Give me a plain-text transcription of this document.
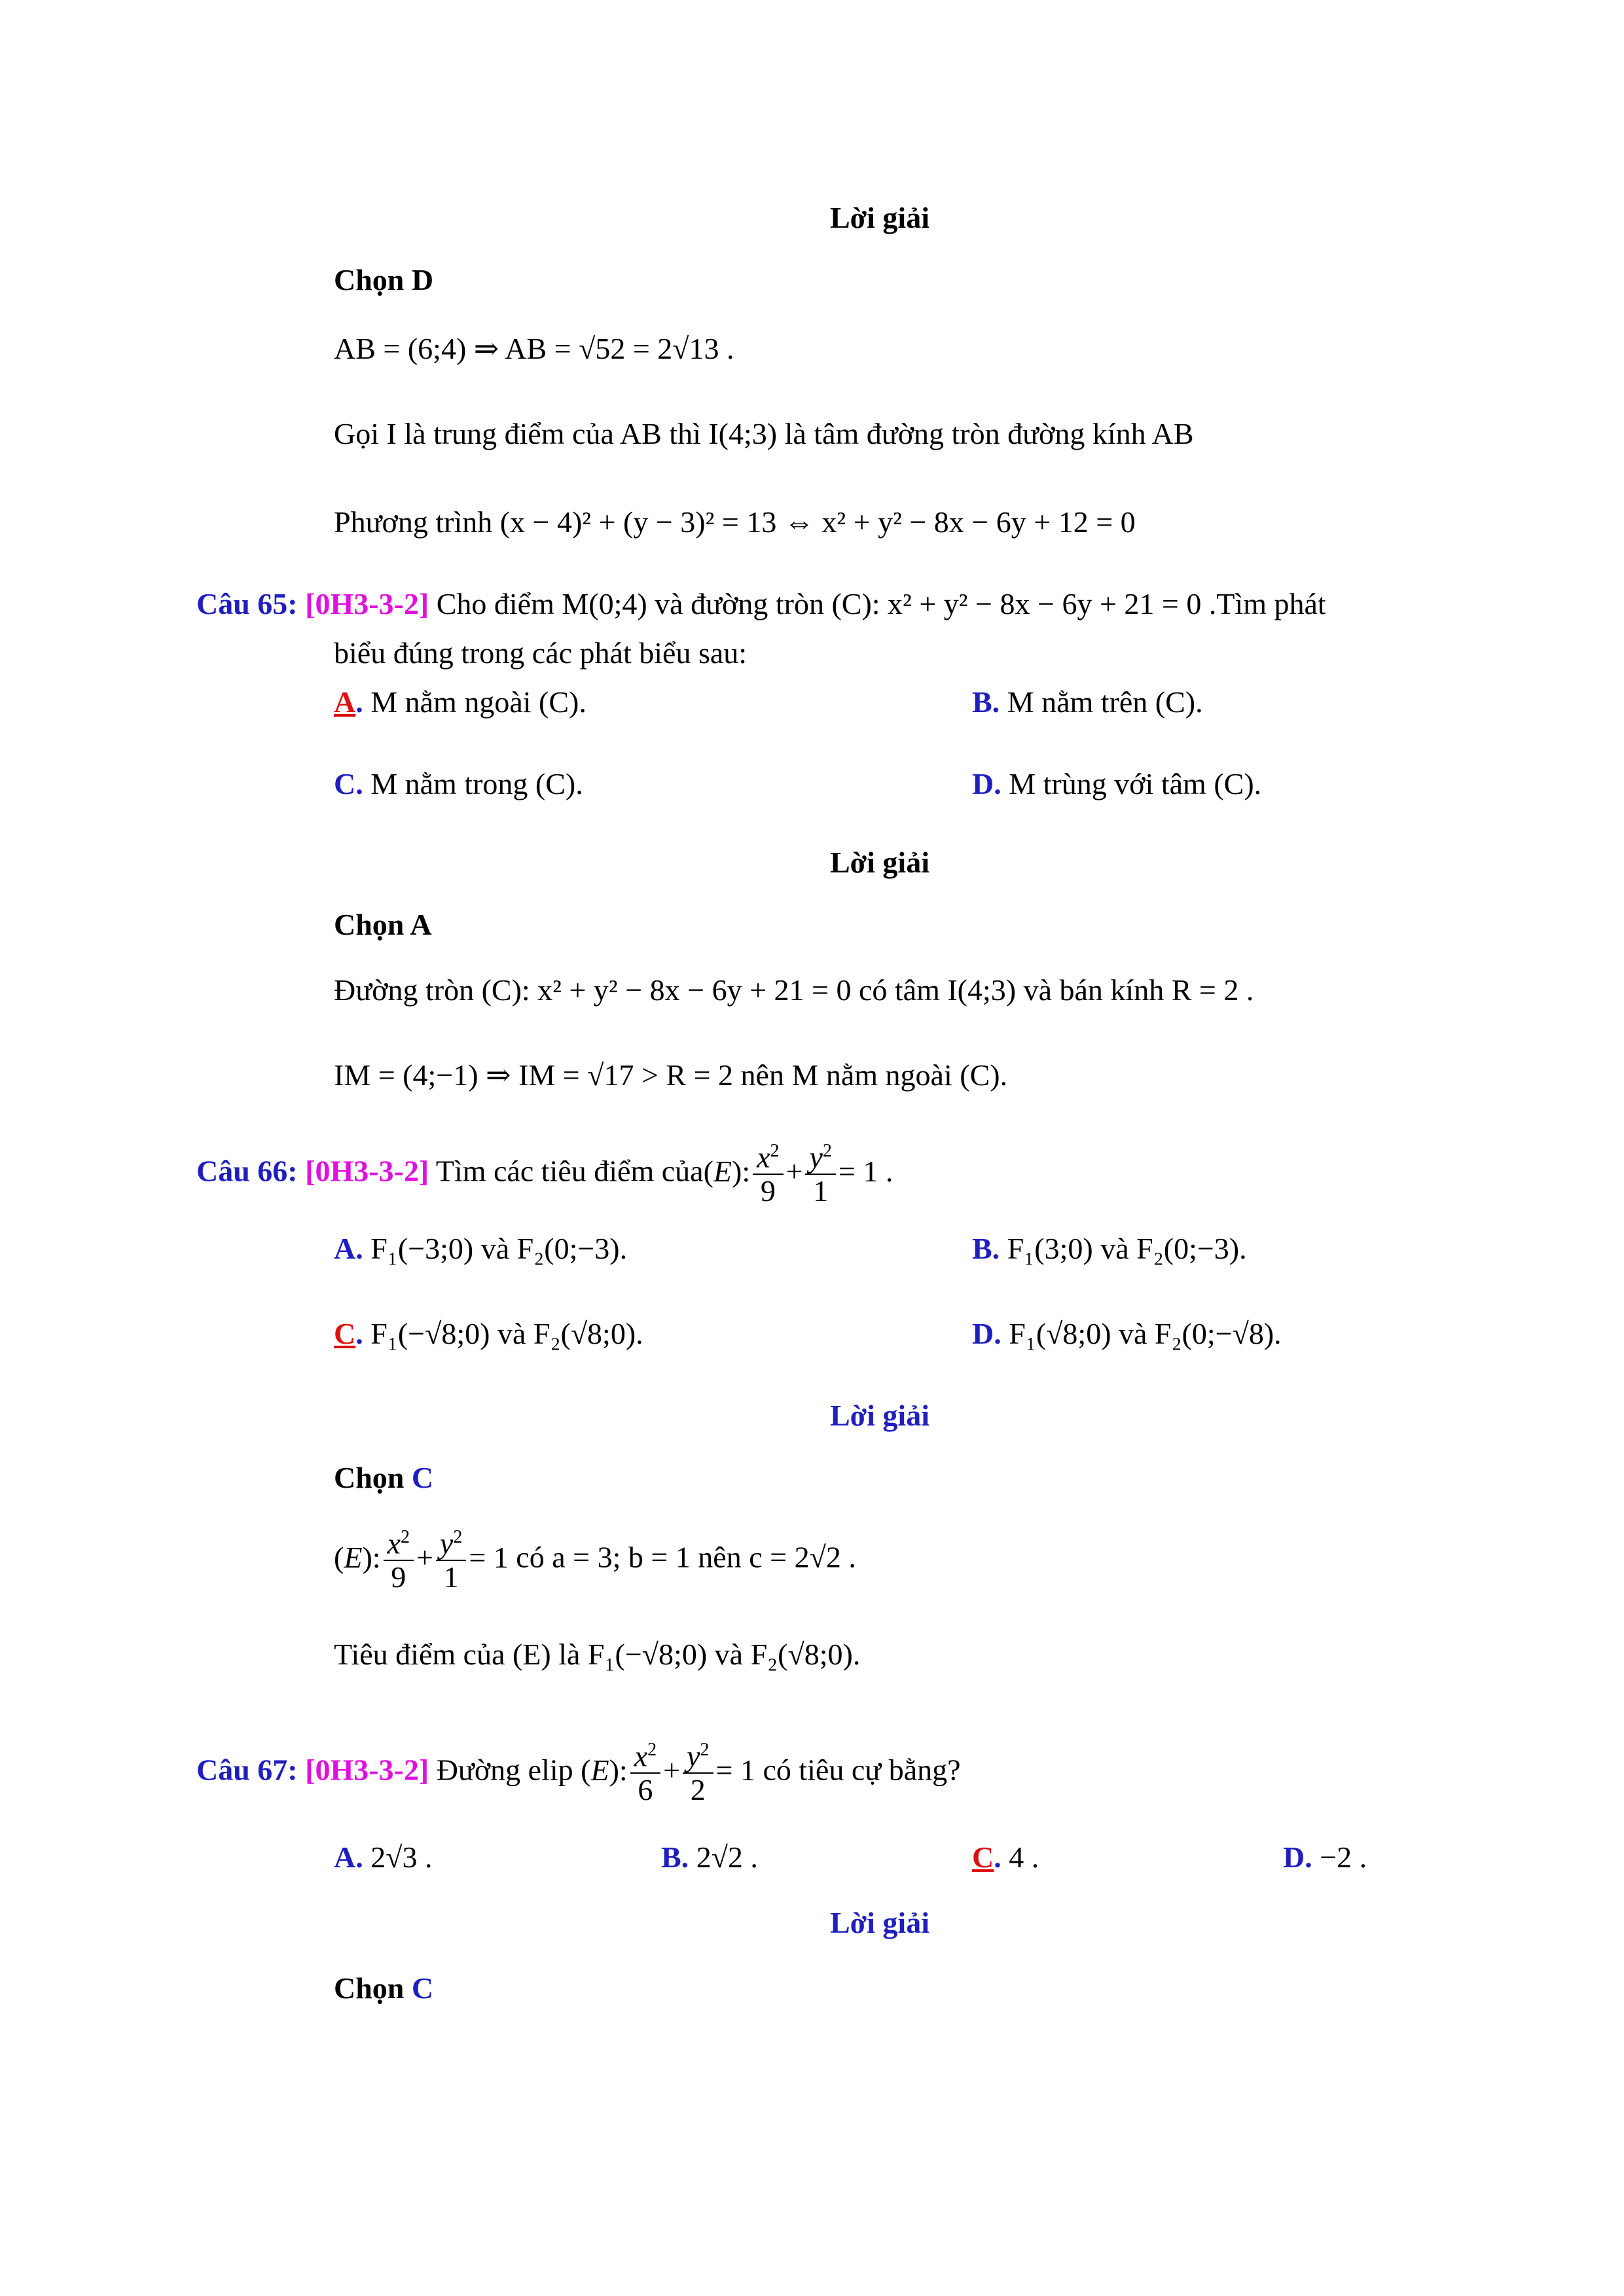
Lời giải
Chọn D
AB = (6;4) ⇒ AB = √52 = 2√13 .
Gọi I là trung điểm của AB thì I(4;3) là tâm đường tròn đường kính AB
Phương trình (x − 4)² + (y − 3)² = 13 ⇔ x² + y² − 8x − 6y + 12 = 0
Câu 65: [0H3-3-2] Cho điểm M(0;4) và đường tròn (C): x² + y² − 8x − 6y + 21 = 0 .Tìm phát
biểu đúng trong các phát biểu sau:
A. M nằm ngoài (C).	B. M nằm trên (C).
C. M nằm trong (C).	D. M trùng với tâm (C).
Lời giải
Chọn A
Đường tròn (C): x² + y² − 8x − 6y + 21 = 0 có tâm I(4;3) và bán kính R = 2 .
IM = (4;−1) ⇒ IM = √17 > R = 2 nên M nằm ngoài (C).
Câu 66: [0H3-3-2] Tìm các tiêu điểm của(E): $\frac{x^2}{9} + \frac{y^2}{1} = 1$ .
A. F₁(−3;0) và F₂(0;−3).	B. F₁(3;0) và F₂(0;−3).
C. F₁(−√8;0) và F₂(√8;0).	D. F₁(√8;0) và F₂(0;−√8).
Lời giải
Chọn C
(E): $\frac{x^2}{9} + \frac{y^2}{1} = 1$ có a = 3; b = 1 nên c = 2√2 .
Tiêu điểm của (E) là F₁(−√8;0) và F₂(√8;0).
Câu 67: [0H3-3-2] Đường elip (E): $\frac{x^2}{6} + \frac{y^2}{2} = 1$ có tiêu cự bằng?
A. 2√3 .	B. 2√2 .	C. 4 .	D. −2 .
Lời giải
Chọn C
